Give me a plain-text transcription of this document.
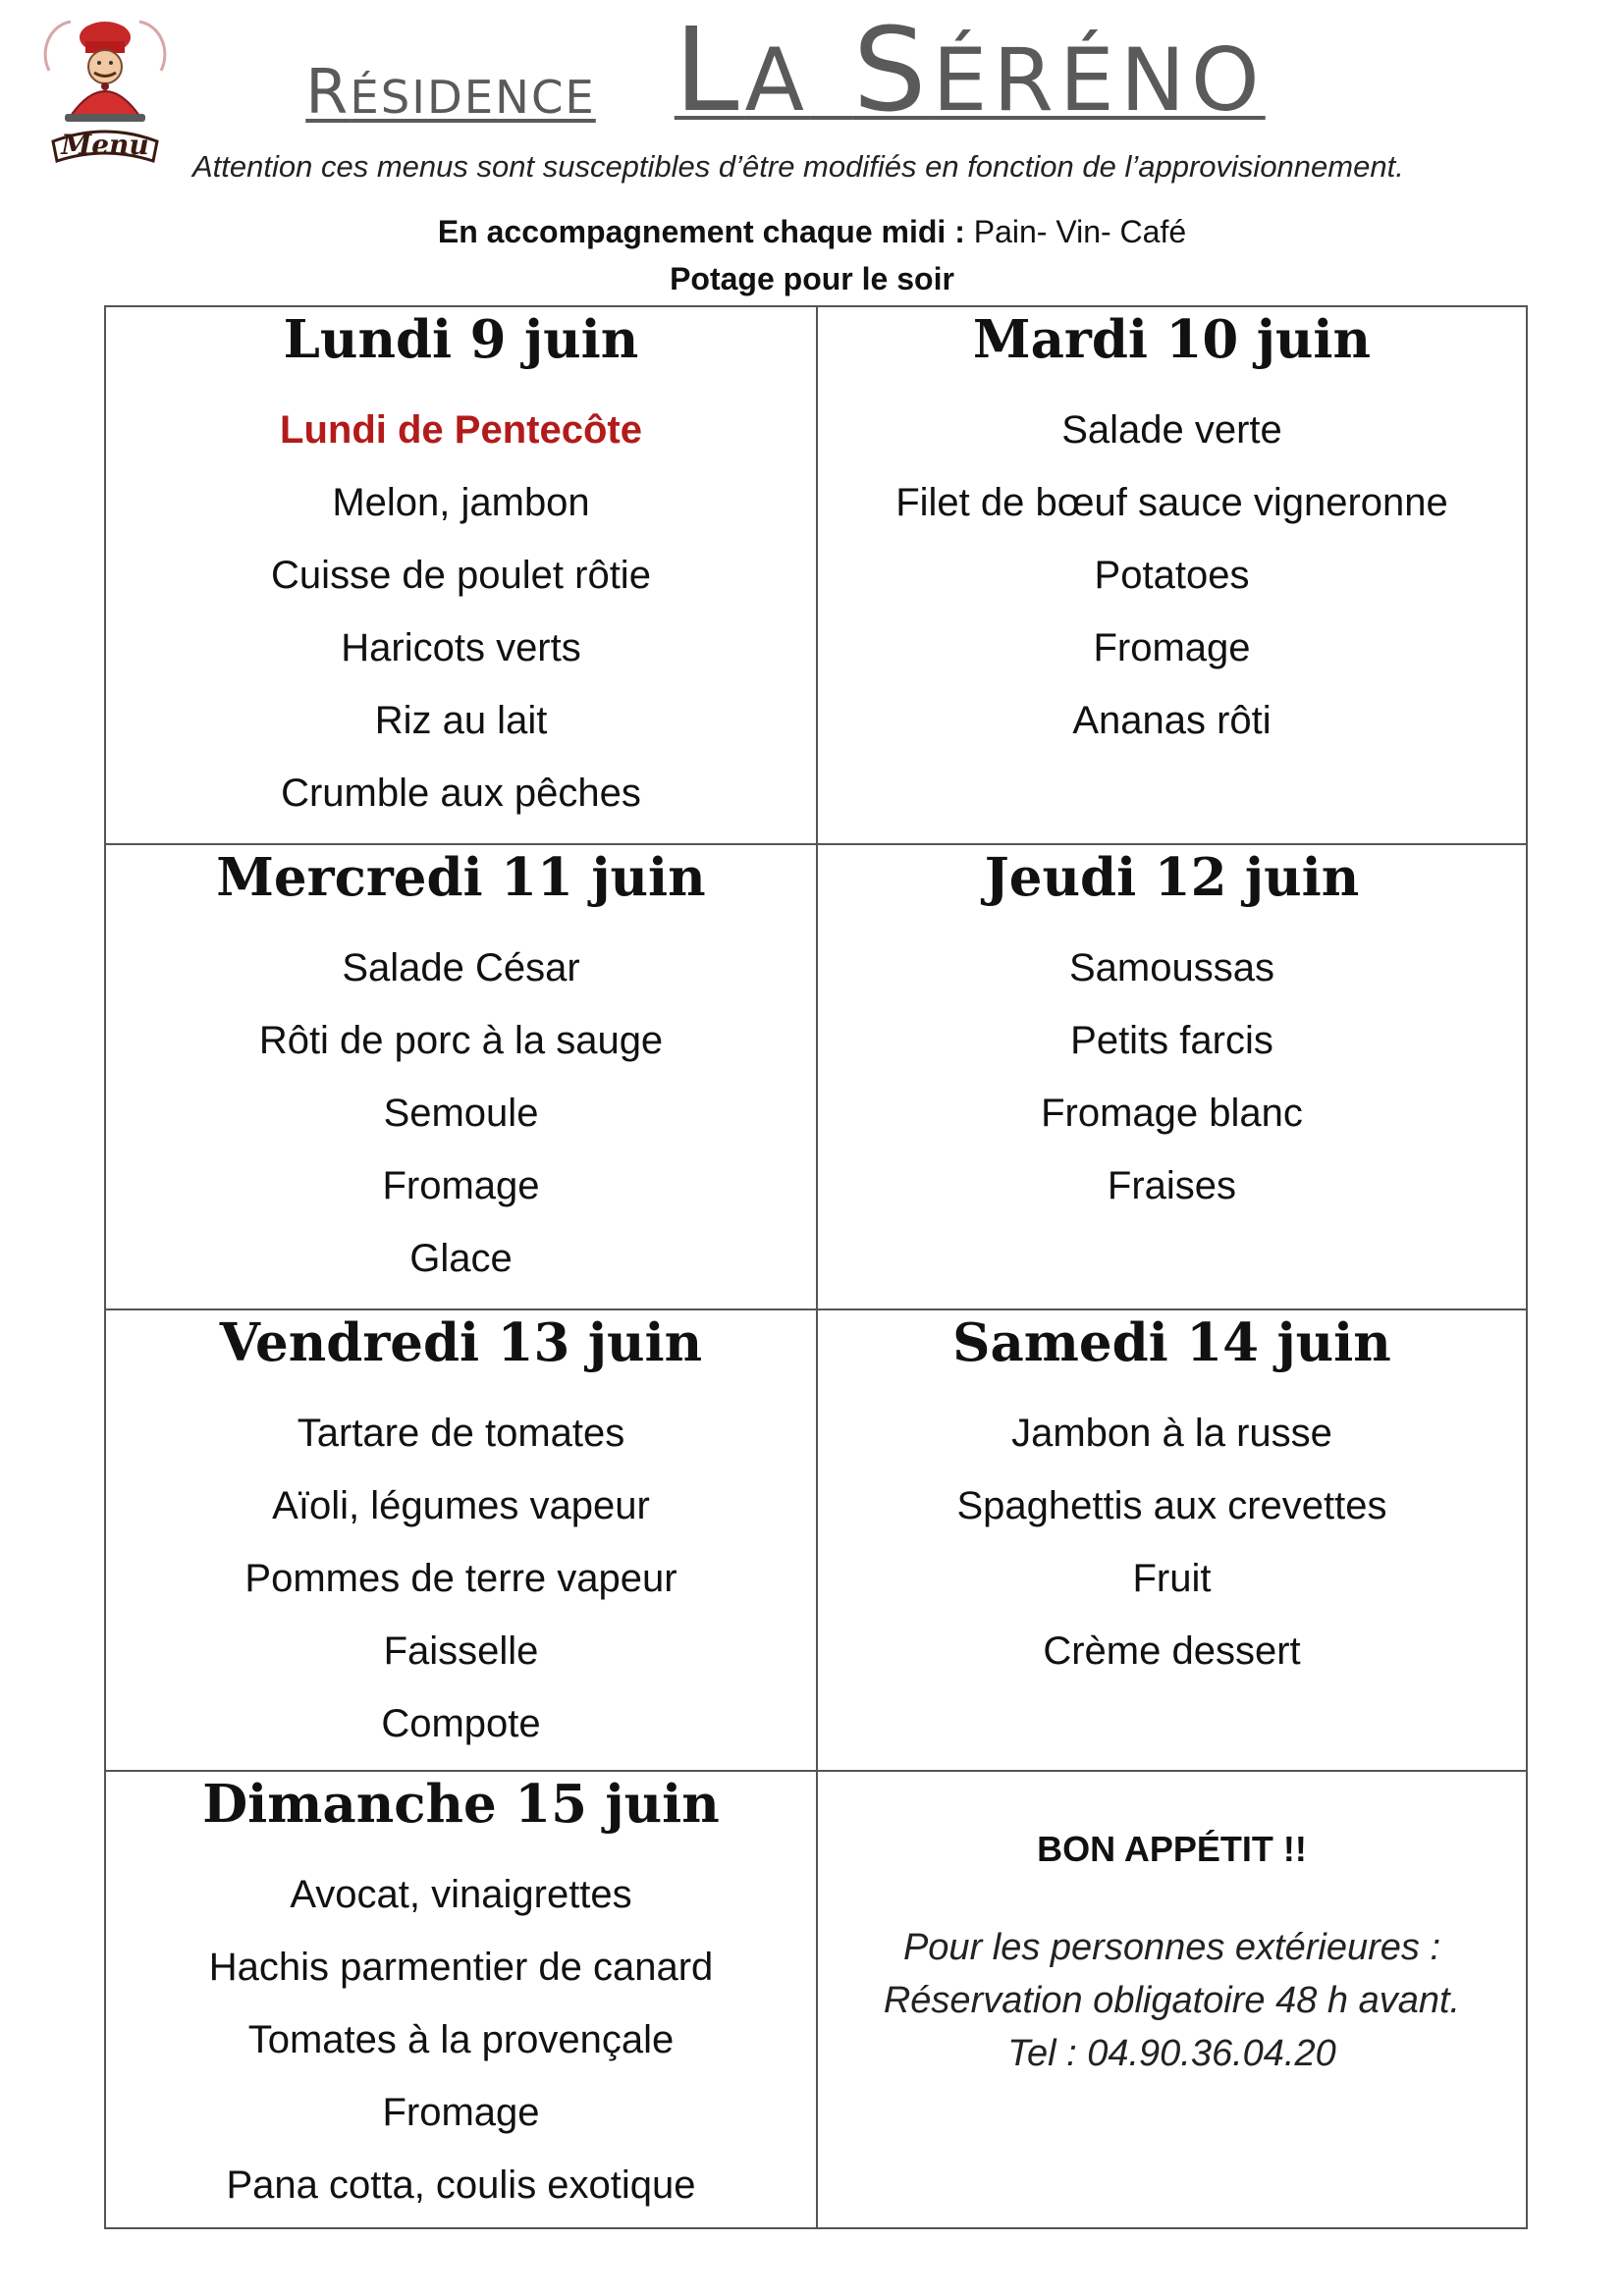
Menu
RÉSIDENCE LA SÉRÉNO
Attention ces menus sont susceptibles d’être modifiés en fonction de l’approvisionnement.
En accompagnement chaque midi : Pain- Vin- Café
Potage pour le soir
Lundi 9 juin
Lundi de Pentecôte
Melon, jambon
Cuisse de poulet rôtie
Haricots verts
Riz au lait
Crumble aux pêches
Mardi 10 juin
Salade verte
Filet de bœuf sauce vigneronne
Potatoes
Fromage
Ananas rôti
Mercredi 11 juin
Salade César
Rôti de porc à la sauge
Semoule
Fromage
Glace
Jeudi 12 juin
Samoussas
Petits farcis
Fromage blanc
Fraises
Vendredi 13 juin
Tartare de tomates
Aïoli, légumes vapeur
Pommes de terre vapeur
Faisselle
Compote
Samedi 14 juin
Jambon à la russe
Spaghettis aux crevettes
Fruit
Crème dessert
Dimanche 15 juin
Avocat, vinaigrettes
Hachis parmentier de canard
Tomates à la provençale
Fromage
Pana cotta, coulis exotique
BON APPÉTIT !!
Pour les personnes extérieures :
Réservation obligatoire 48 h avant.
Tel : 04.90.36.04.20
